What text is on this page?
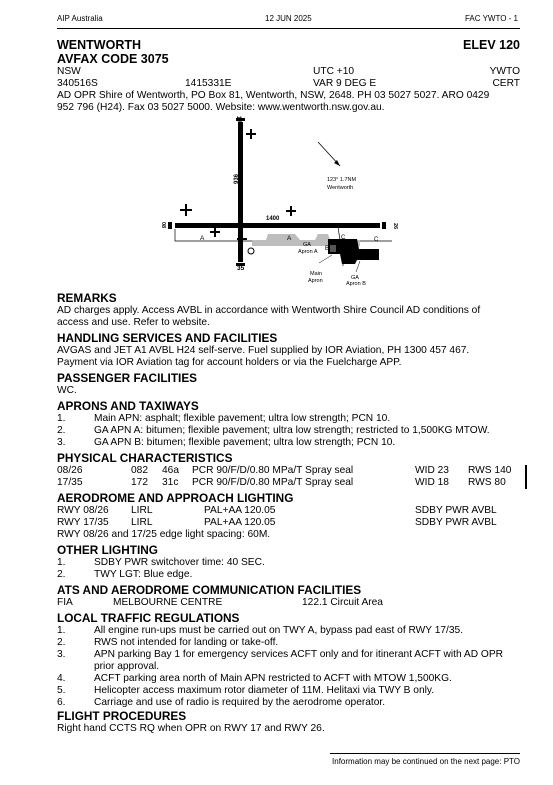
AIP Australia	12 JUN 2025	FAC YWTO - 1
WENTWORTH	ELEV 120
AVFAX CODE 3075
NSW	UTC +10	YWTO
340516S	1415331E	VAR 9 DEG E	CERT
AD OPR Shire of Wentworth, PO Box 81, Wentworth, NSW, 2648. PH 03 5027 5027. ARO 0429
952 796 (H24). Fax 03 5027 5000. Website: www.wentworth.nsw.gov.au.
17
35
08	26
936
1400
123° 1.7NM
Wentworth
A	A
B
C	C
GA
Apron A
Main
Apron	GA
Apron B
REMARKS
AD charges apply. Access AVBL in accordance with Wentworth Shire Council AD conditions of
access and use. Refer to website.
HANDLING SERVICES AND FACILITIES
AVGAS and JET A1 AVBL H24 self-serve. Fuel supplied by IOR Aviation, PH 1300 457 467.
Payment via IOR Aviation tag for account holders or via the Fuelcharge APP.
PASSENGER FACILITIES
WC.
APRONS AND TAXIWAYS
1.	Main APN: asphalt; flexible pavement; ultra low strength; PCN 10.
2.	GA APN A: bitumen; flexible pavement; ultra low strength; restricted to 1,500KG MTOW.
3.	GA APN B: bitumen; flexible pavement; ultra low strength; PCN 10.
PHYSICAL CHARACTERISTICS
08/26	082 46a PCR 90/F/D/0.80 MPa/T Spray seal	WID 23 RWS 140
17/35	172 31c PCR 90/F/D/0.80 MPa/T Spray seal	WID 18 RWS 80
AERODROME AND APPROACH LIGHTING
RWY 08/26 LIRL	PAL+AA 120.05	SDBY PWR AVBL
RWY 17/35 LIRL	PAL+AA 120.05	SDBY PWR AVBL
RWY 08/26 and 17/25 edge light spacing: 60M.
OTHER LIGHTING
1.	SDBY PWR switchover time: 40 SEC.
2.	TWY LGT: Blue edge.
ATS AND AERODROME COMMUNICATION FACILITIES
FIA	MELBOURNE CENTRE	122.1 Circuit Area
LOCAL TRAFFIC REGULATIONS
1.	All engine run-ups must be carried out on TWY A, bypass pad east of RWY 17/35.
2.	RWS not intended for landing or take-off.
3.	APN parking Bay 1 for emergency services ACFT only and for itinerant ACFT with AD OPR
prior approval.
4.	ACFT parking area north of Main APN restricted to ACFT with MTOW 1,500KG.
5.	Helicopter access maximum rotor diameter of 11M. Helitaxi via TWY B only.
6.	Carriage and use of radio is required by the aerodrome operator.
FLIGHT PROCEDURES
Right hand CCTS RQ when OPR on RWY 17 and RWY 26.
Information may be continued on the next page: PTO
